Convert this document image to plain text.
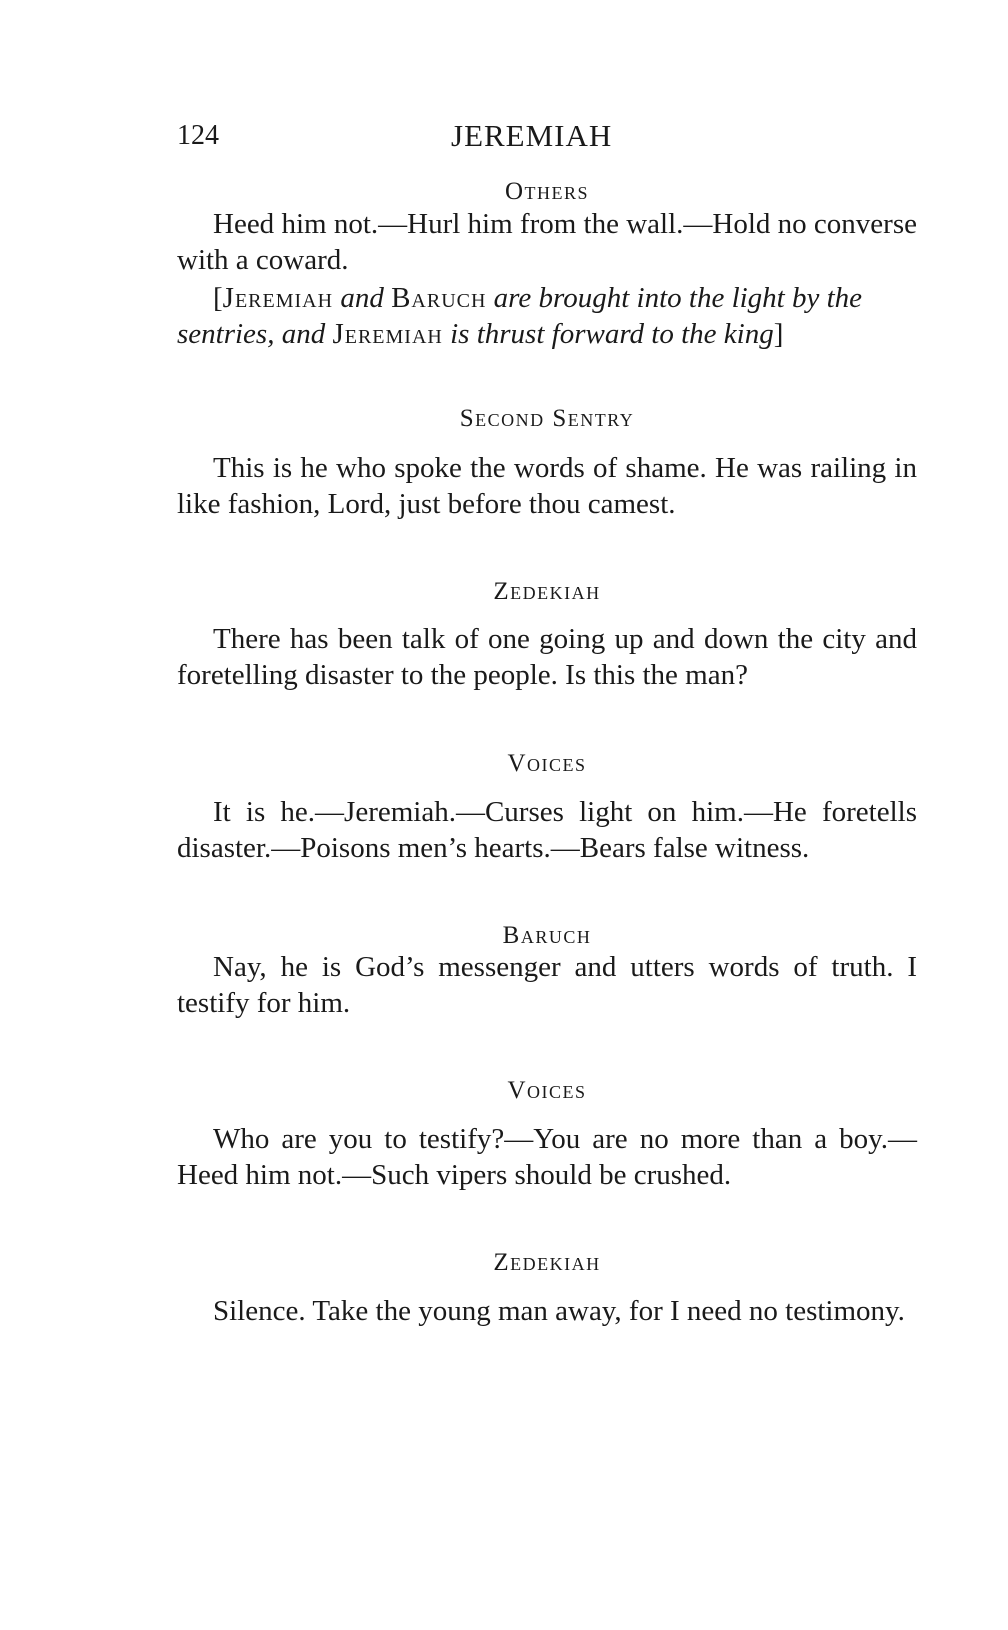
124	JEREMIAH
Others

Heed him not.—Hurl him from the wall.—Hold no converse with a coward.

[Jeremiah and Baruch are brought into the light by the sentries, and Jeremiah is thrust forward to the king]

Second Sentry

This is he who spoke the words of shame. He was railing in like fashion, Lord, just before thou camest.

Zedekiah

There has been talk of one going up and down the city and foretelling disaster to the people. Is this the man?

Voices

It is he.—Jeremiah.—Curses light on him.—He foretells disaster.—Poisons men’s hearts.—Bears false witness.

Baruch

Nay, he is God’s messenger and utters words of truth. I testify for him.

Voices

Who are you to testify?—You are no more than a boy.—Heed him not.—Such vipers should be crushed.

Zedekiah

Silence. Take the young man away, for I need no testimony.
